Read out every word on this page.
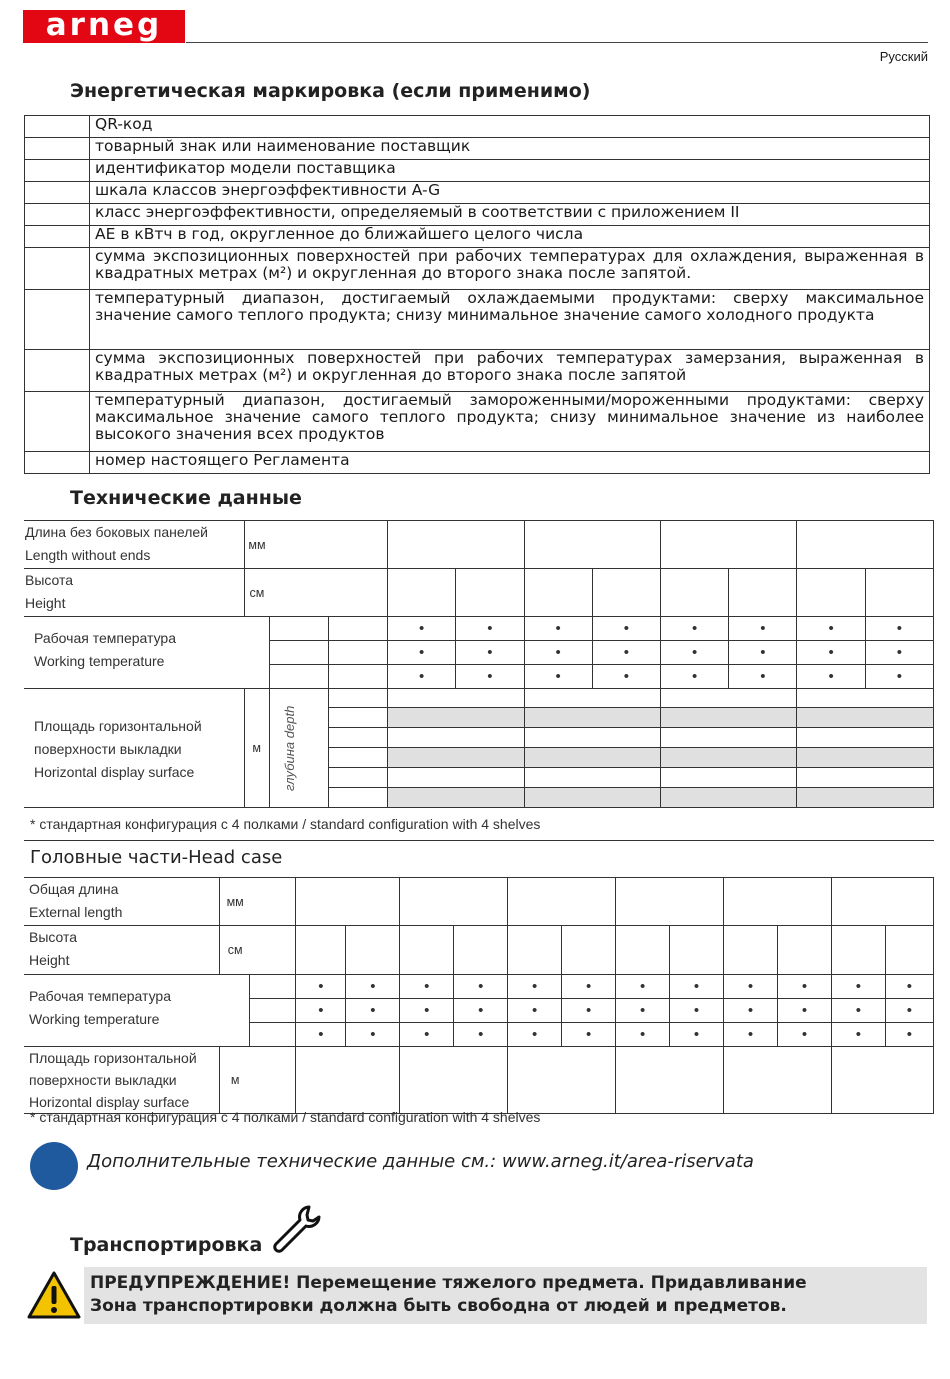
arneg
Русский
Энергетическая маркировка (если применимо)
	QR-код
	товарный знак или наименование поставщик
	идентификатор модели поставщика
	шкала классов энергоэффективности A-G
	класс энергоэффективности, определяемый в соответствии с приложением II
	AE в кВтч в год, округленное до ближайшего целого числа
	сумма экспозиционных поверхностей при рабочих температурах для охлаждения, выраженная в квадратных метрах (м²) и округленная до второго знака после запятой.
	температурный диапазон, достигаемый охлаждаемыми продуктами: сверху максимальное значение самого теплого продукта; снизу минимальное значение самого холодного продукта
	сумма экспозиционных поверхностей при рабочих температурах замерзания, выраженная в квадратных метрах (м²) и округленная до второго знака после запятой
	температурный диапазон, достигаемый замороженными/мороженными продуктами: сверху максимальное значение самого теплого продукта; снизу минимальное значение из наиболее высокого значения всех продуктов
	номер настоящего Регламента
Технические данные
Длина без боковых панелей
Length without ends	мм										

Высота
Height	см										

Рабочая температура
Working temperature				•	•	•	•	•	•	•	•
				•	•	•	•	•	•	•	•
				•	•	•	•	•	•	•	•

Площадь горизонтальной
поверхности выкладки
Horizontal display surface	м	глубина depth									

* стандартная конфигурация с 4 полками / standard configuration with 4 shelves
Головные части-Head case
Общая длина
External length	мм													

Высота
Height	см													

Рабочая температура
Working temperature			•	•	•	•	•	•	•	•	•	•	•	•
			•	•	•	•	•	•	•	•	•	•	•	•
			•	•	•	•	•	•	•	•	•	•	•	•

Площадь горизонтальной
поверхности выкладки
Horizontal display surface	м													
* стандартная конфигурация с 4 полками / standard configuration with 4 shelves
Дополнительные технические данные см.: www.arneg.it/area-riservata
Транспортировка
ПРЕДУПРЕЖДЕНИЕ! Перемещение тяжелого предмета. Придавливание
Зона транспортировки должна быть свободна от людей и предметов.
